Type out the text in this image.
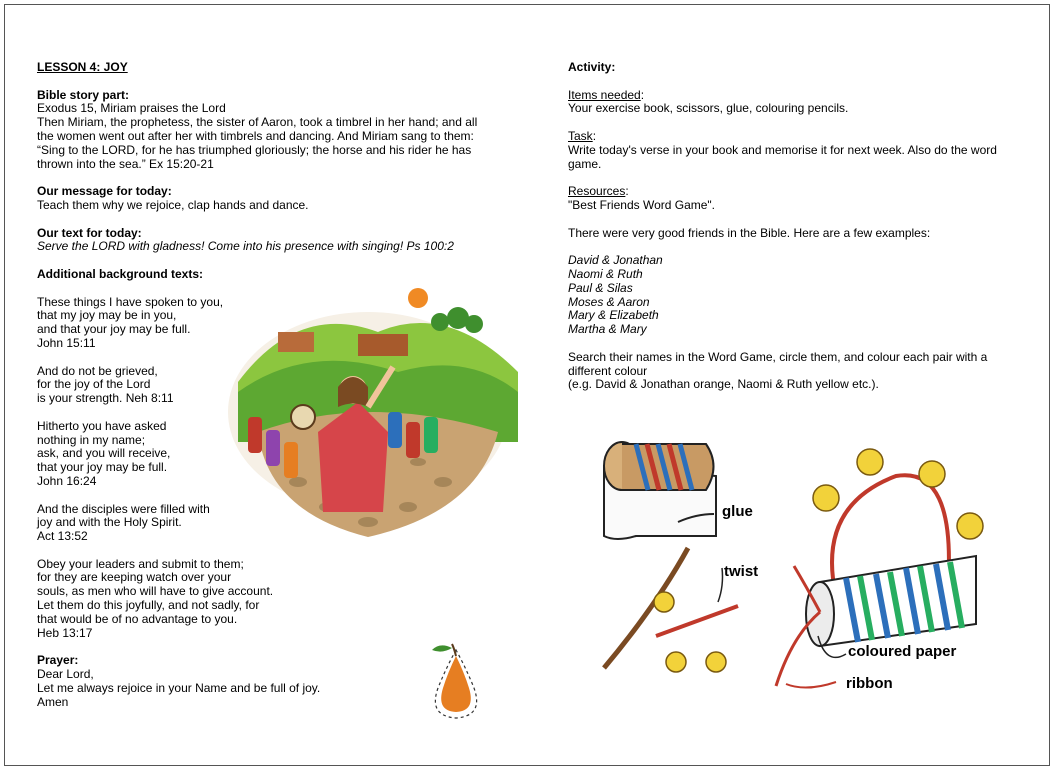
LESSON 4: JOY
Bible story part:
Exodus 15, Miriam praises the Lord
Then Miriam, the prophetess, the sister of Aaron, took a timbrel in her hand; and all the women went out after her with timbrels and dancing. And Miriam sang to them: “Sing to the LORD, for he has triumphed gloriously; the horse and his rider he has thrown into the sea.” Ex 15:20-21
Our message for today:
Teach them why we rejoice, clap hands and dance.
Our text for today:
Serve the LORD with gladness! Come into his presence with singing! Ps 100:2
Additional background texts:
These things I have spoken to you,
that my joy may be in you,
and that your joy may be full.
John 15:11
And do not be grieved,
for the joy of the Lord
is your strength. Neh 8:11
Hitherto you have asked
nothing in my name;
ask, and you will receive,
that your joy may be full.
John 16:24
And the disciples were filled with
joy and with the Holy Spirit.
Act 13:52
Obey your leaders and submit to them;
for they are keeping watch over your
souls, as men who will have to give account.
Let them do this joyfully, and not sadly, for
that would be of no advantage to you.
Heb 13:17
Prayer:
Dear Lord,
Let me always rejoice in your Name and be full of joy.
Amen
Activity:
Items needed:
Your exercise book, scissors, glue, colouring pencils.
Task:
Write today's verse in your book and memorise it for next week. Also do the word game.
Resources:
"Best Friends Word Game".
There were very good friends in the Bible. Here are a few examples:
David & Jonathan
Naomi & Ruth
Paul & Silas
Moses & Aaron
Mary & Elizabeth
Martha & Mary
Search their names in the Word Game, circle them, and colour each pair with a different colour
(e.g. David & Jonathan orange, Naomi & Ruth yellow etc.).
glue
twist
coloured paper
ribbon
